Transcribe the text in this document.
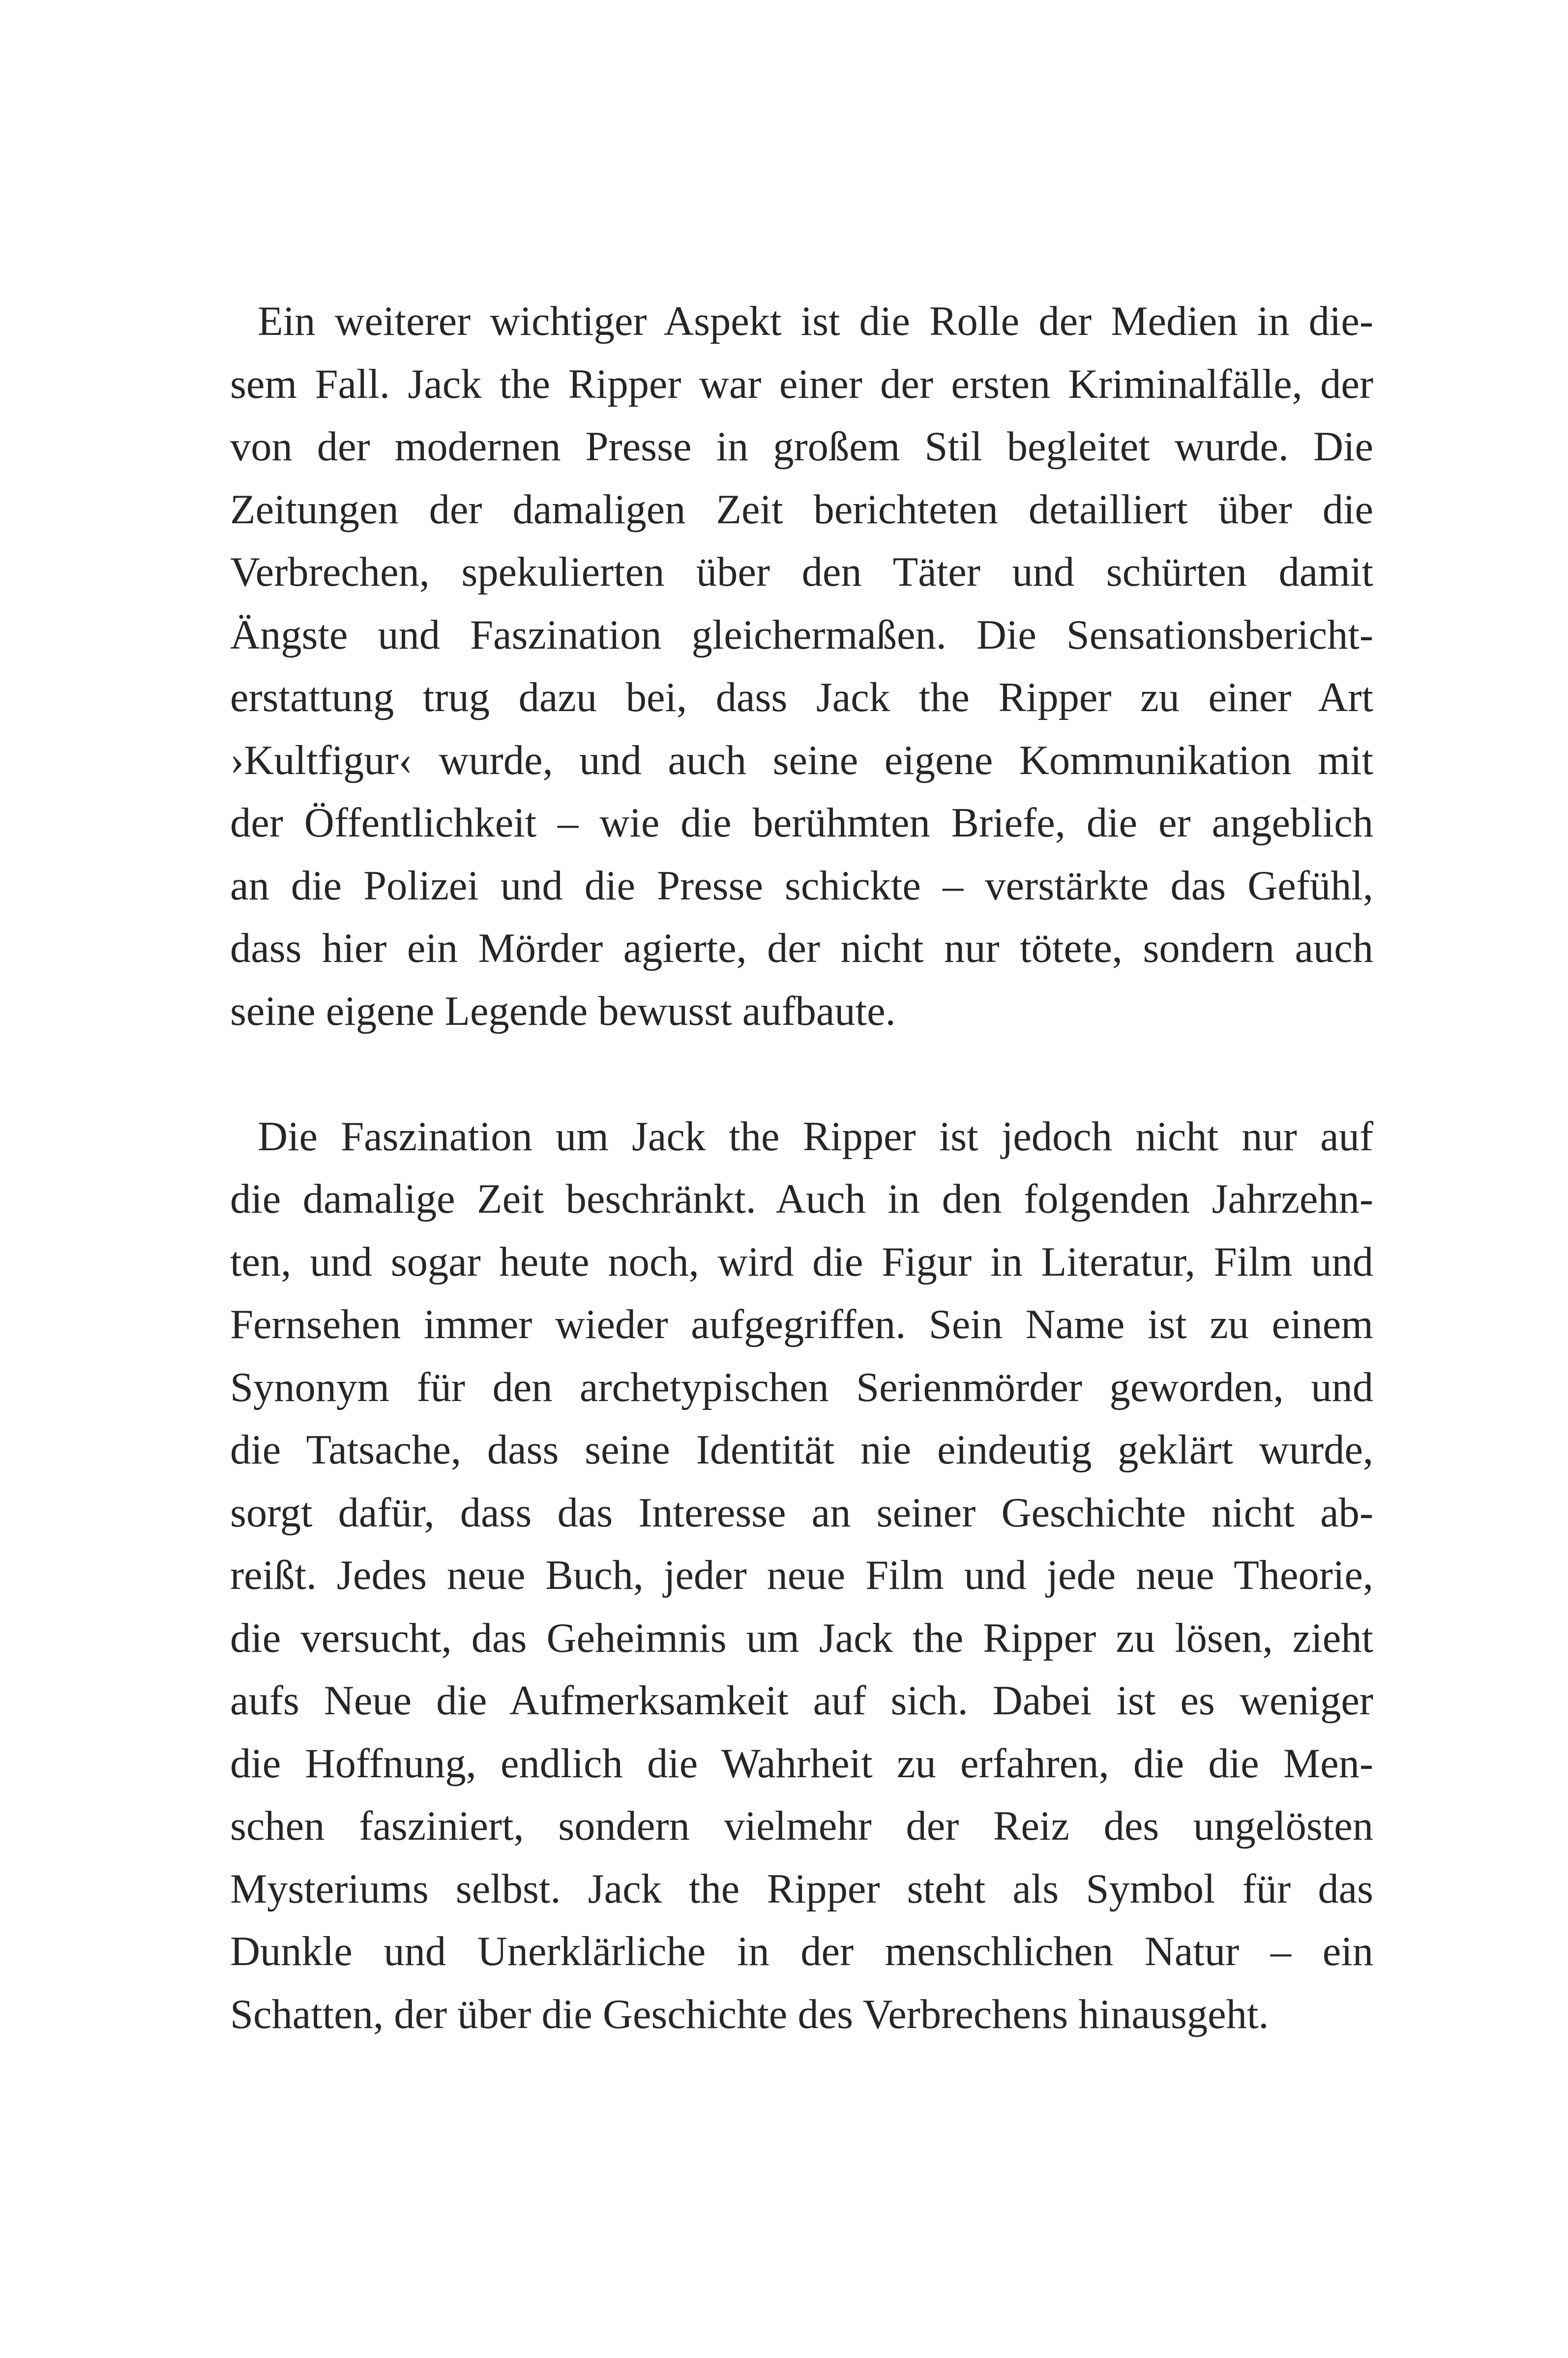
Ein weiterer wichtiger Aspekt ist die Rolle der Medien in die-
sem Fall. Jack the Ripper war einer der ersten Kriminalfälle, der
von der modernen Presse in großem Stil begleitet wurde. Die
Zeitungen der damaligen Zeit berichteten detailliert über die
Verbrechen, spekulierten über den Täter und schürten damit
Ängste und Faszination gleichermaßen. Die Sensationsbericht-
erstattung trug dazu bei, dass Jack the Ripper zu einer Art
›Kultfigur‹ wurde, und auch seine eigene Kommunikation mit
der Öffentlichkeit – wie die berühmten Briefe, die er angeblich
an die Polizei und die Presse schickte – verstärkte das Gefühl,
dass hier ein Mörder agierte, der nicht nur tötete, sondern auch
seine eigene Legende bewusst aufbaute.
Die Faszination um Jack the Ripper ist jedoch nicht nur auf
die damalige Zeit beschränkt. Auch in den folgenden Jahrzehn-
ten, und sogar heute noch, wird die Figur in Literatur, Film und
Fernsehen immer wieder aufgegriffen. Sein Name ist zu einem
Synonym für den archetypischen Serienmörder geworden, und
die Tatsache, dass seine Identität nie eindeutig geklärt wurde,
sorgt dafür, dass das Interesse an seiner Geschichte nicht ab-
reißt. Jedes neue Buch, jeder neue Film und jede neue Theorie,
die versucht, das Geheimnis um Jack the Ripper zu lösen, zieht
aufs Neue die Aufmerksamkeit auf sich. Dabei ist es weniger
die Hoffnung, endlich die Wahrheit zu erfahren, die die Men-
schen fasziniert, sondern vielmehr der Reiz des ungelösten
Mysteriums selbst. Jack the Ripper steht als Symbol für das
Dunkle und Unerklärliche in der menschlichen Natur – ein
Schatten, der über die Geschichte des Verbrechens hinausgeht.
